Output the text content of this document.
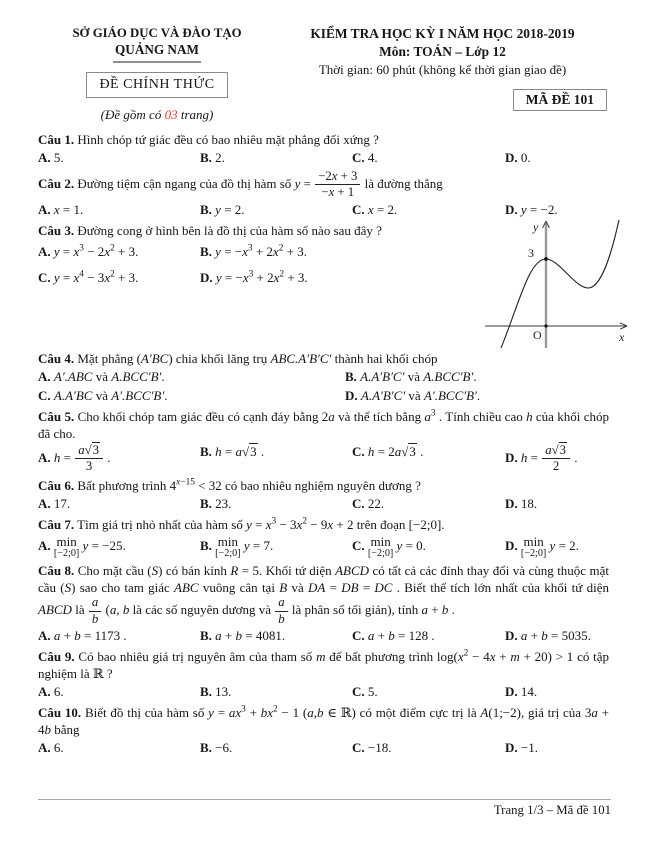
SỞ GIÁO DỤC VÀ ĐÀO TẠO
QUẢNG NAM
ĐỀ CHÍNH THỨC
(Đề gồm có 03 trang)
KIỂM TRA HỌC KỲ I NĂM HỌC 2018-2019
Môn: TOÁN – Lớp 12
Thời gian: 60 phút (không kể thời gian giao đề)
MÃ ĐỀ 101
Câu 1. Hình chóp tứ giác đều có bao nhiêu mặt phẳng đối xứng ?
A. 5.	B. 2.	C. 4.	D. 0.
Câu 2. Đường tiệm cận ngang của đồ thị hàm số $y = \frac{-2x + 3}{-x + 1}$ là đường thẳng
A. x = 1.	B. y = 2.	C. x = 2.	D. y = −2.
y
x
O
3
Câu 3. Đường cong ở hình bên là đồ thị của hàm số nào sau đây ?
A. $y = x^3 - 2x^2 + 3$.	B. $y = -x^3 + 2x^2 + 3$.
C. $y = x^4 - 3x^2 + 3$.	D. $y = -x^3 + 2x^2 + 3$.
Câu 4. Mặt phẳng (A′BC) chia khối lăng trụ ABC.A′B′C′ thành hai khối chóp
A. A′.ABC và A.BCC′B′.	B. A.A′B′C′ và A.BCC′B′.
C. A.A′BC và A′.BCC′B′.	D. A.A′B′C′ và A′.BCC′B′.
Câu 5. Cho khối chóp tam giác đều có cạnh đáy bằng 2a và thể tích bằng $a^3$ . Tính chiều cao h của khối chóp đã cho.
A. $h = \frac{a√3}{3}$ .	B. h = a√3 .	C. h = 2a√3 .	D. $h = \frac{a√3}{2}$ .
Câu 6. Bất phương trình $4^{x-15} < 32$ có bao nhiêu nghiệm nguyên dương ?
A. 17.	B. 23.	C. 22.	D. 18.
Câu 7. Tìm giá trị nhỏ nhất của hàm số $y = x^3 - 3x^2 - 9x + 2$ trên đoạn [−2;0].
A. min
[−2;0]
y = −25.	B. min
[−2;0]
y = 7.	C. min
[−2;0]
y = 0.	D. min
[−2;0]
y = 2.
Câu 8. Cho mặt cầu (S) có bán kính R = 5. Khối tứ diện ABCD có tất cả các đỉnh thay đổi và cùng thuộc mặt cầu (S) sao cho tam giác ABC vuông cân tại B và DA = DB = DC . Biết thể tích lớn nhất của khối tứ diện ABCD là $\frac{a}{b} (a$, b là các số nguyên dương và $\frac{a}{b}$ là phân số tối giản), tính a + b .
A. a + b = 1173 .	B. a + b = 4081.	C. a + b = 128 .	D. a + b = 5035.
Câu 9. Có bao nhiêu giá trị nguyên âm của tham số m để bất phương trình $\log(x^2 - 4x + m + 20) > 1$ có tập nghiệm là ℝ ?
A. 6.	B. 13.	C. 5.	D. 14.
Câu 10. Biết đồ thị của hàm số $y = ax^3 + bx^2 - 1$ (a,b ∈ ℝ) có một điểm cực trị là A(1;−2), giá trị của 3a + 4b bằng
A. 6.	B. −6.	C. −18.	D. −1.
Trang 1/3 – Mã đề 101
